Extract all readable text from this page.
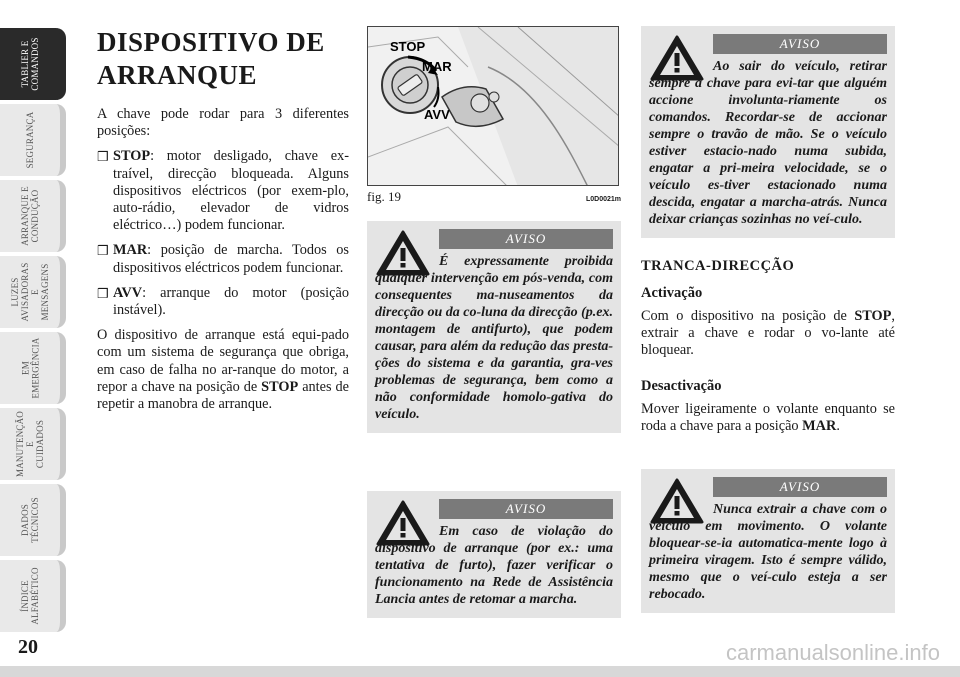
TABLIER E
COMANDOS
SEGURANÇA
ARRANQUE E
CONDUÇÃO
LUZES
AVISADORAS
E MENSAGENS
EM
EMERGÊNCIA
MANUTENÇÃO E
CUIDADOS
DADOS
TÉCNICOS
ÍNDICE
ALFABÉTICO
20	carmanualsonline.info
DISPOSITIVO DE ARRANQUE

A chave pode rodar para 3 diferentes posições:

❒ STOP: motor desligado, chave ex-traível, direcção bloqueada. Alguns dispositivos eléctricos (por exem-plo, auto-rádio, elevador de vidros eléctrico…) podem funcionar.
❒ MAR: posição de marcha. Todos os dispositivos eléctricos podem funcionar.
❒ AVV: arranque do motor (posição instável).

O dispositivo de arranque está equi-pado com um sistema de segurança que obriga, em caso de falha no ar-ranque do motor, a repor a chave na posição de STOP antes de repetir a manobra de arranque.

STOP
MAR
AVV
fig. 19	L0D0021m
AVISO
É expressamente proibida qualquer intervenção em pós-venda, com consequentes ma-nuseamentos da direcção ou da co-luna da direcção (p.ex. montagem de antifurto), que podem causar, para além da redução das presta-ções do sistema e da garantia, gra-ves problemas de segurança, bem como a não conformidade homolo-gativa do veículo.
AVISO
Em caso de violação do dispositivo de arranque (por ex.: uma tentativa de furto), fazer verificar o funcionamento na Rede de Assistência Lancia antes de retomar a marcha.
AVISO
Ao sair do veículo, retirar sempre a chave para evi-tar que alguém accione involunta-riamente os comandos. Recordar-se de accionar sempre o travão de mão. Se o veículo estiver estacio-nado numa subida, engatar a pri-meira velocidade, se o veículo es-tiver estacionado numa descida, engatar a marcha-atrás. Nunca deixar crianças sozinhas no veí-culo.
TRANCA-DIRECÇÃO
Activação

Com o dispositivo na posição de STOP, extrair a chave e rodar o vo-lante até bloquear.

Desactivação

Mover ligeiramente o volante enquanto se roda a chave para a posição MAR.

AVISO
Nunca extrair a chave com o veículo em movimento. O volante bloquear-se-ia automatica-mente logo à primeira viragem. Isto é sempre válido, mesmo que o veí-culo esteja a ser rebocado.
